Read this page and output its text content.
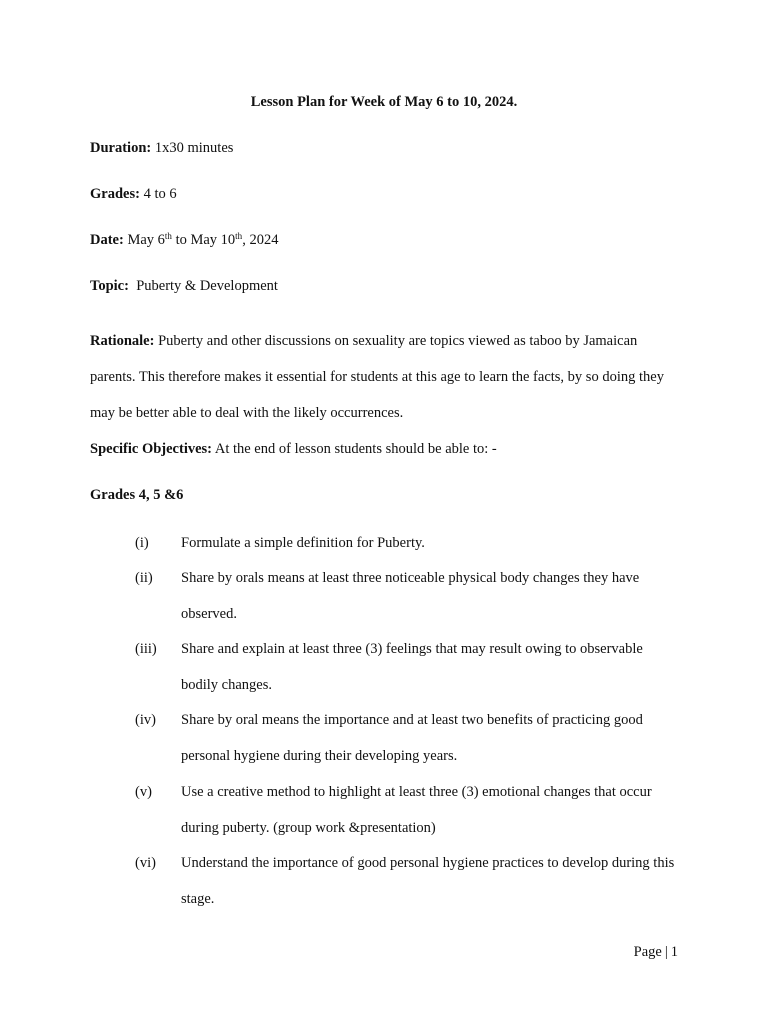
Lesson Plan for Week of May 6 to 10, 2024.
Duration: 1x30 minutes
Grades: 4 to 6
Date: May 6th to May 10th, 2024
Topic: Puberty & Development
Rationale: Puberty and other discussions on sexuality are topics viewed as taboo by Jamaican parents. This therefore makes it essential for students at this age to learn the facts, by so doing they may be better able to deal with the likely occurrences.
Specific Objectives: At the end of lesson students should be able to: -
Grades 4, 5 &6
(i) Formulate a simple definition for Puberty.
(ii) Share by orals means at least three noticeable physical body changes they have observed.
(iii) Share and explain at least three (3) feelings that may result owing to observable bodily changes.
(iv) Share by oral means the importance and at least two benefits of practicing good personal hygiene during their developing years.
(v) Use a creative method to highlight at least three (3) emotional changes that occur during puberty. (group work &presentation)
(vi) Understand the importance of good personal hygiene practices to develop during this stage.
Page | 1
